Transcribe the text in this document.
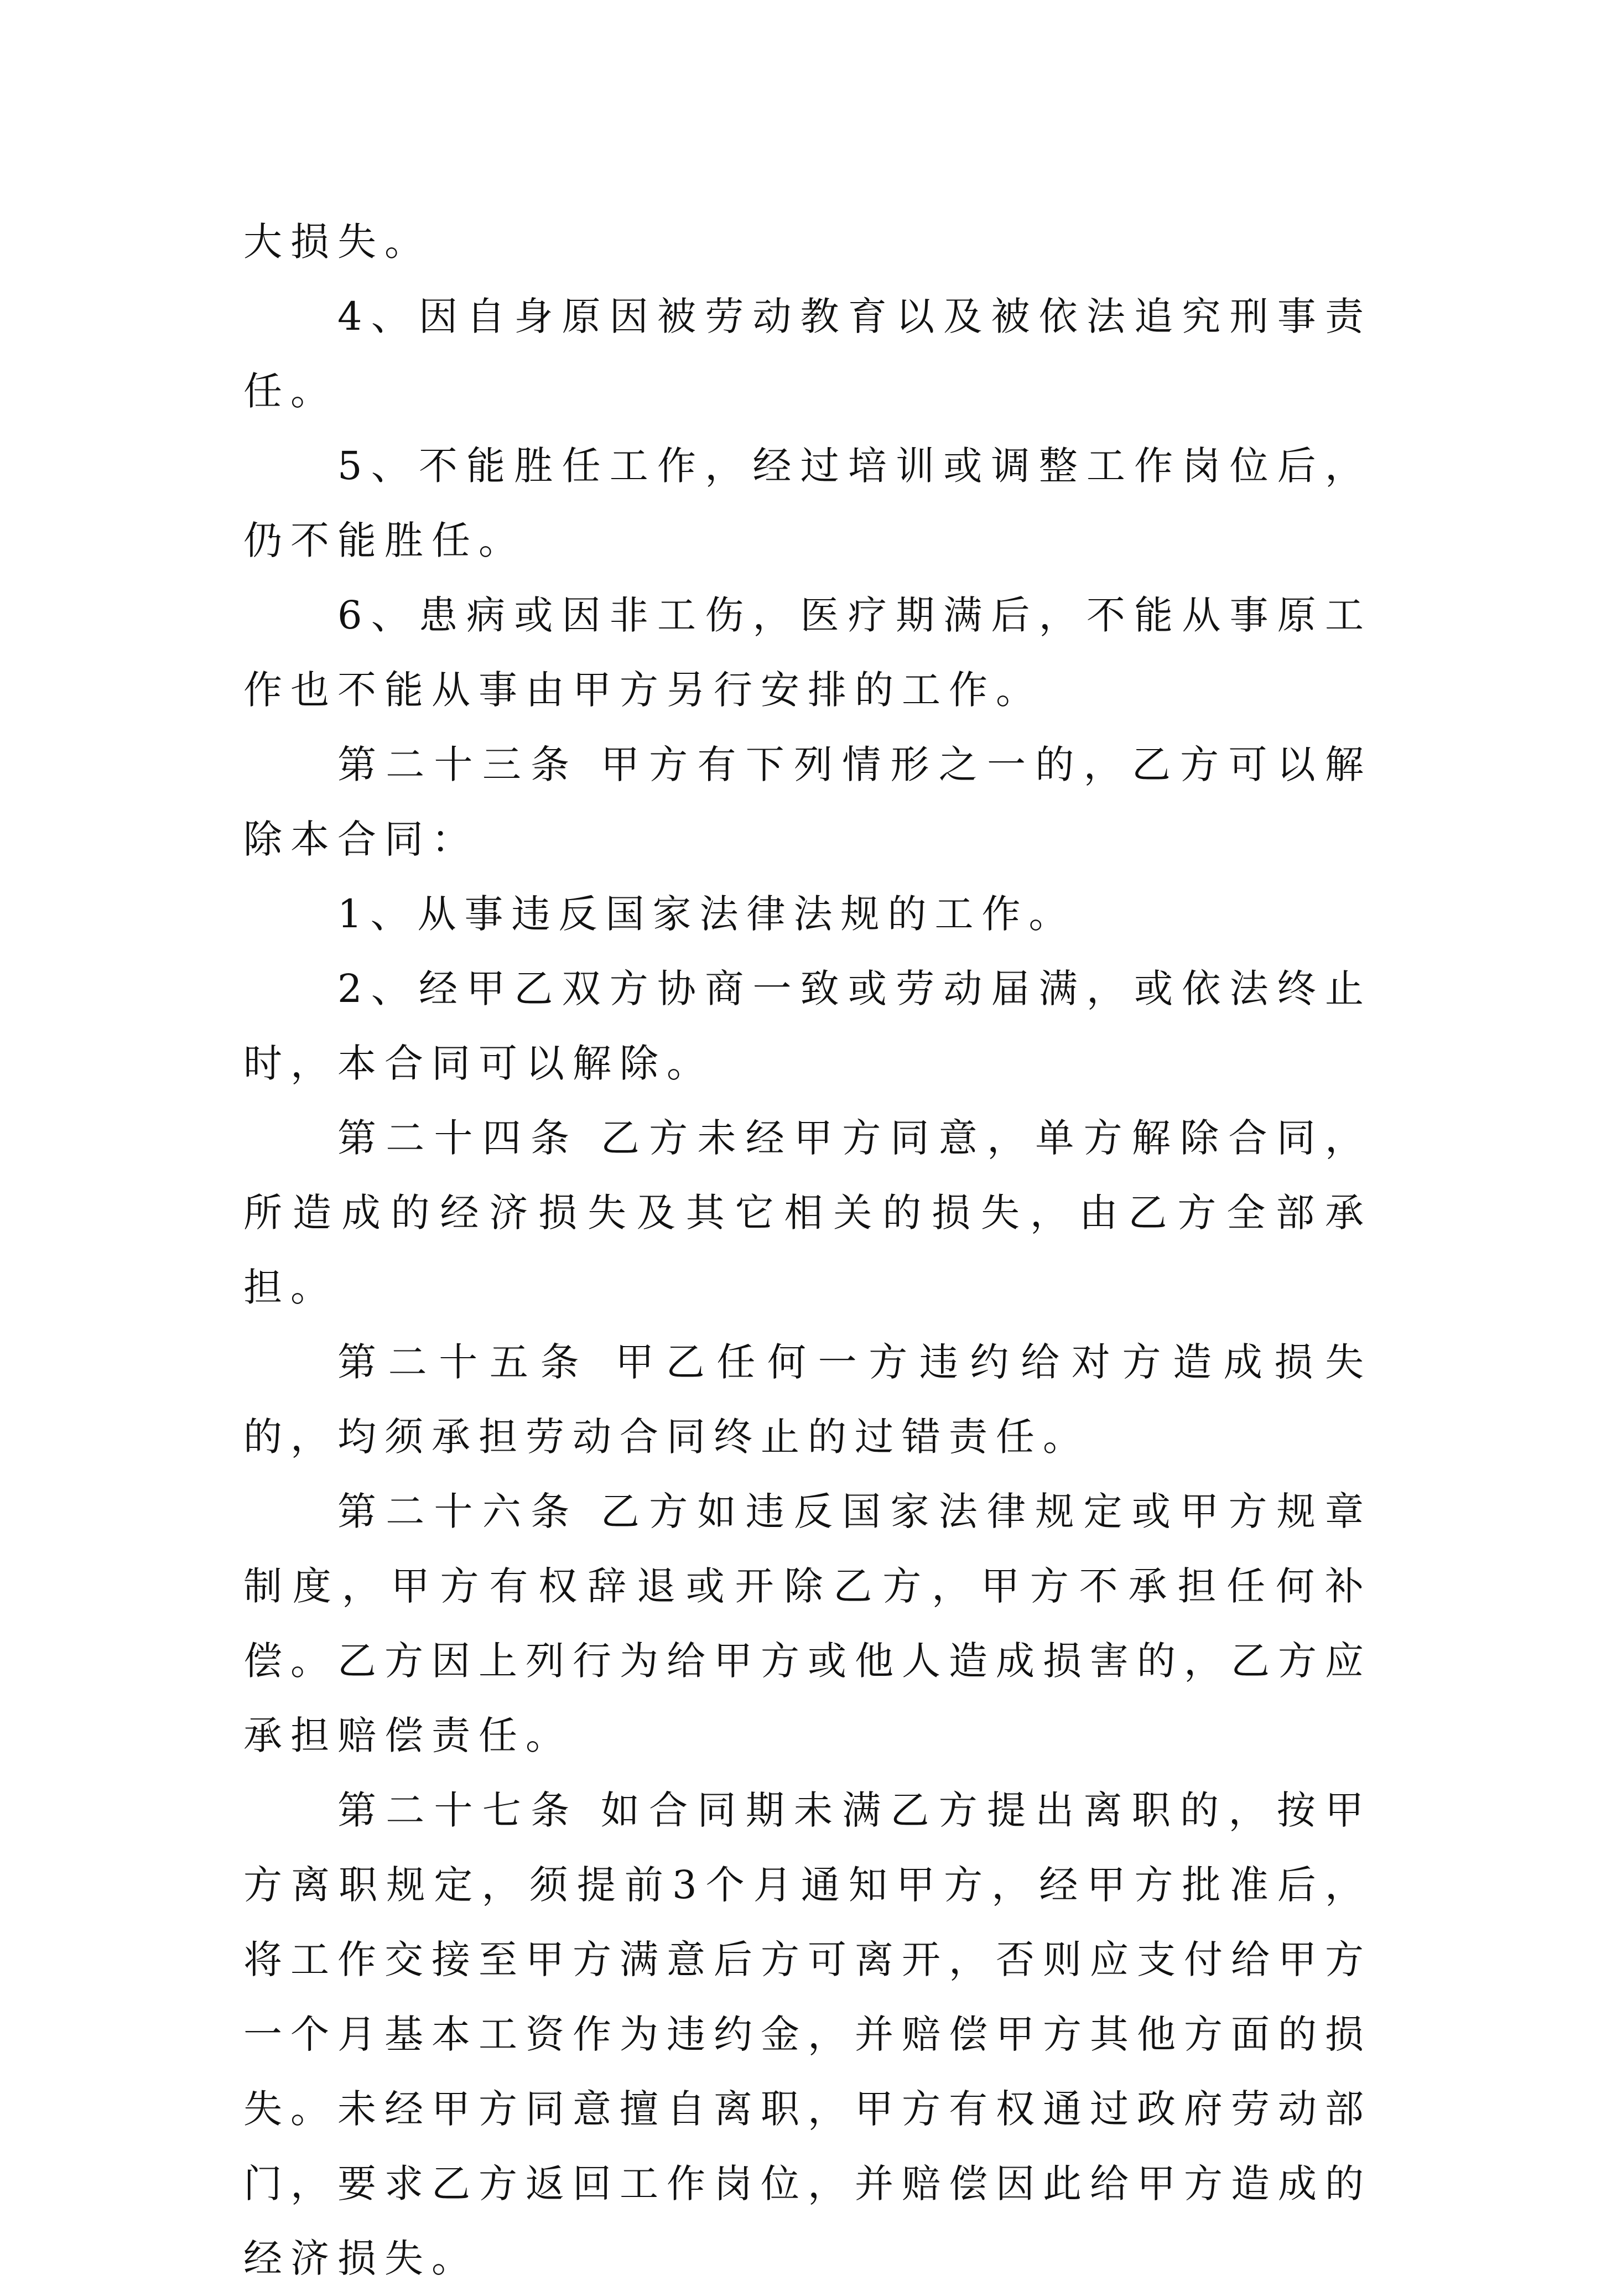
大损失。

4、因自身原因被劳动教育以及被依法追究刑事责任。

5、不能胜任工作，经过培训或调整工作岗位后，仍不能胜任。

6、患病或因非工伤，医疗期满后，不能从事原工作也不能从事由甲方另行安排的工作。

第二十三条 甲方有下列情形之一的，乙方可以解除本合同：

1、从事违反国家法律法规的工作。

2、经甲乙双方协商一致或劳动届满，或依法终止时，本合同可以解除。

第二十四条 乙方未经甲方同意，单方解除合同，所造成的经济损失及其它相关的损失，由乙方全部承担。

第二十五条 甲乙任何一方违约给对方造成损失的，均须承担劳动合同终止的过错责任。

第二十六条 乙方如违反国家法律规定或甲方规章制度，甲方有权辞退或开除乙方，甲方不承担任何补偿。乙方因上列行为给甲方或他人造成损害的，乙方应承担赔偿责任。

第二十七条 如合同期未满乙方提出离职的，按甲方离职规定，须提前3个月通知甲方，经甲方批准后，将工作交接至甲方满意后方可离开，否则应支付给甲方一个月基本工资作为违约金，并赔偿甲方其他方面的损失。未经甲方同意擅自离职，甲方有权通过政府劳动部门，要求乙方返回工作岗位，并赔偿因此给甲方造成的经济损失。
